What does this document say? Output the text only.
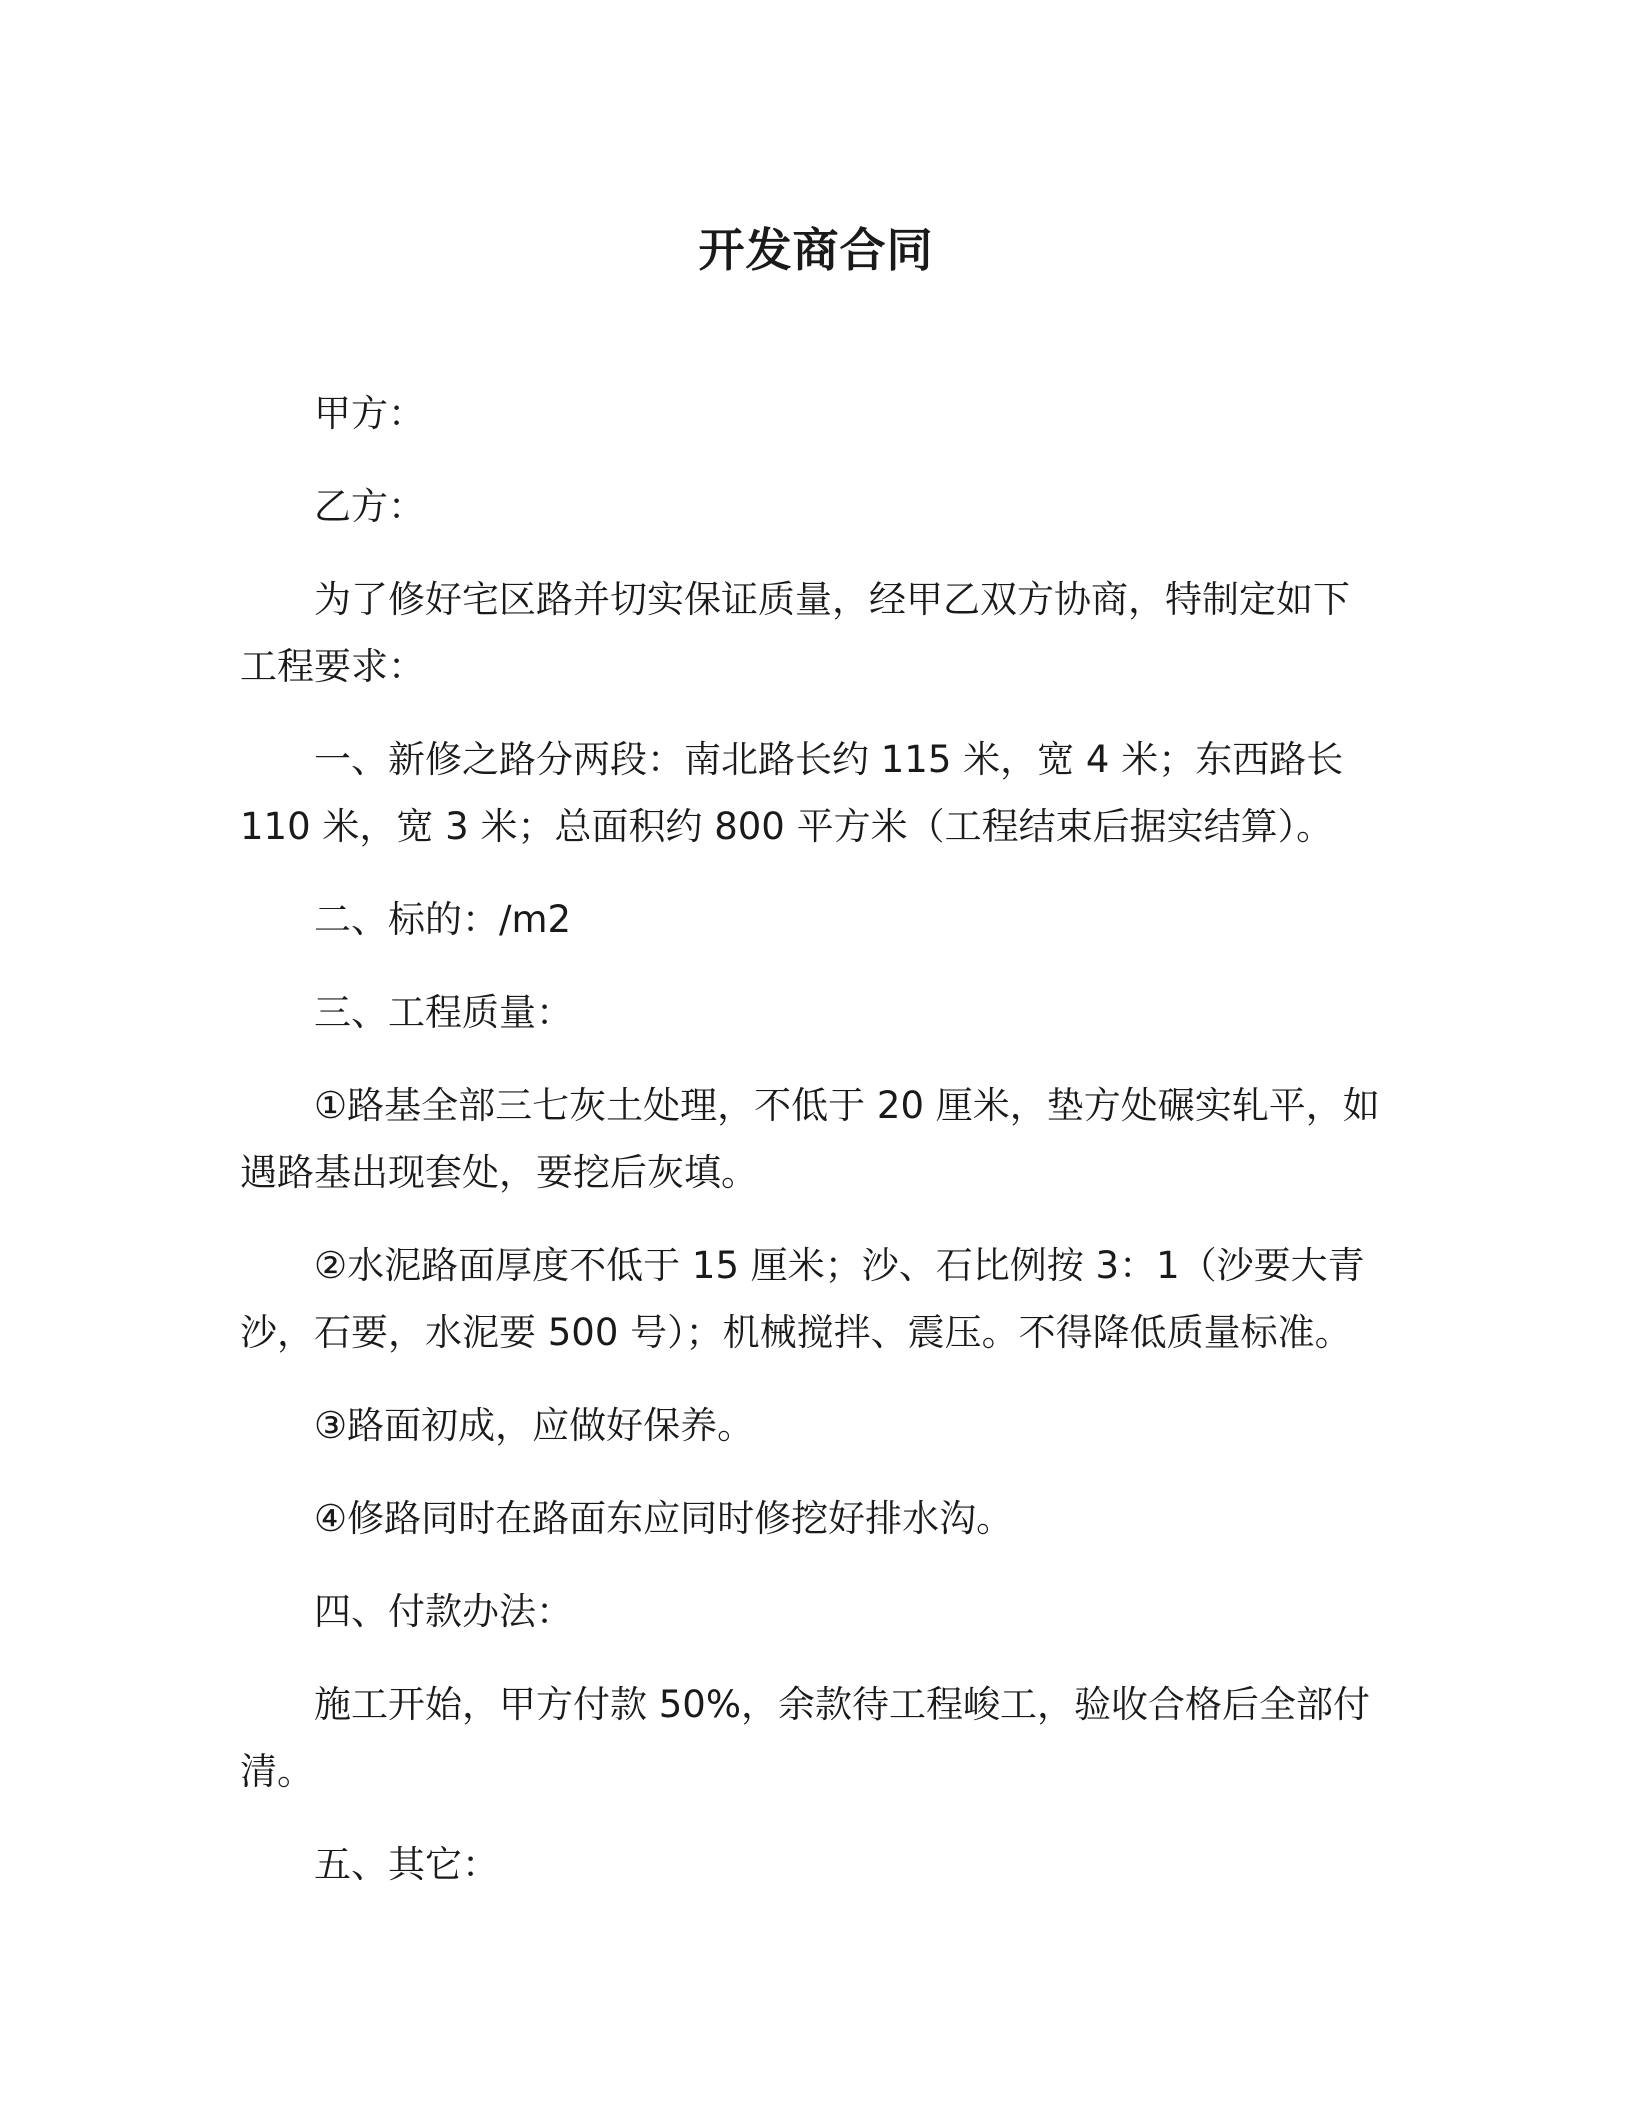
开发商合同

甲方：

乙方：

为了修好宅区路并切实保证质量，经甲乙双方协商，特制定如下工程要求：

一、新修之路分两段：南北路长约 115 米，宽 4 米；东西路长 110 米，宽 3 米；总面积约 800 平方米（工程结束后据实结算）。

二、标的：/m2

三、工程质量：

①路基全部三七灰土处理，不低于 20 厘米，垫方处碾实轧平，如遇路基出现套处，要挖后灰填。

②水泥路面厚度不低于 15 厘米；沙、石比例按 3：1（沙要大青沙，石要，水泥要 500 号）；机械搅拌、震压。不得降低质量标准。

③路面初成，应做好保养。

④修路同时在路面东应同时修挖好排水沟。

四、付款办法：

施工开始，甲方付款 50%，余款待工程峻工，验收合格后全部付清。

五、其它：
